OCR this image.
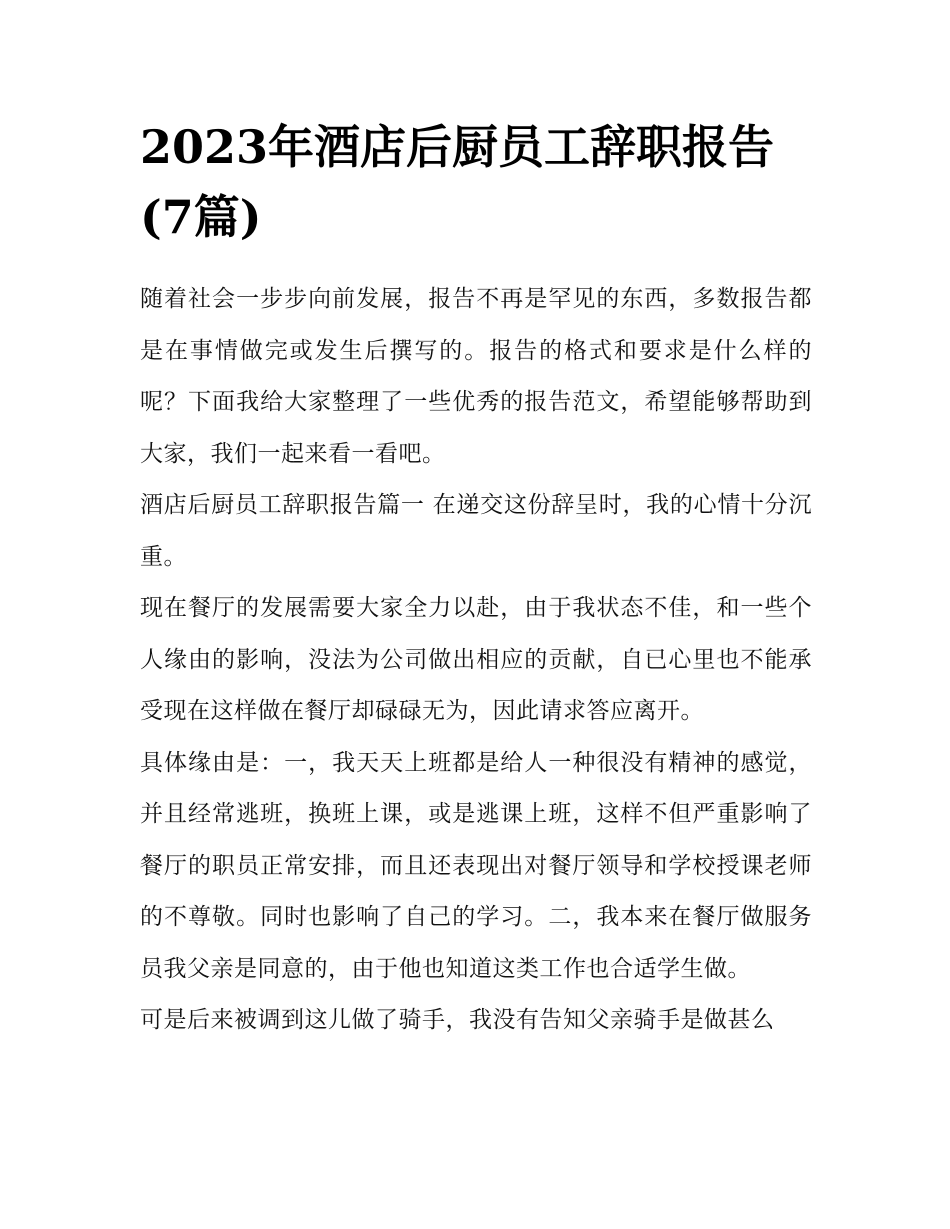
2023年酒店后厨员工辞职报告(7篇)

随着社会一步步向前发展，报告不再是罕见的东西，多数报告都是在事情做完或发生后撰写的。报告的格式和要求是什么样的呢？下面我给大家整理了一些优秀的报告范文，希望能够帮助到大家，我们一起来看一看吧。

酒店后厨员工辞职报告篇一 在递交这份辞呈时，我的心情十分沉重。

现在餐厅的发展需要大家全力以赴，由于我状态不佳，和一些个人缘由的影响，没法为公司做出相应的贡献，自已心里也不能承受现在这样做在餐厅却碌碌无为，因此请求答应离开。

具体缘由是：一，我天天上班都是给人一种很没有精神的感觉，并且经常逃班，换班上课，或是逃课上班，这样不但严重影响了餐厅的职员正常安排，而且还表现出对餐厅领导和学校授课老师的不尊敬。同时也影响了自己的学习。二，我本来在餐厅做服务员我父亲是同意的，由于他也知道这类工作也合适学生做。

可是后来被调到这儿做了骑手，我没有告知父亲骑手是做甚么
